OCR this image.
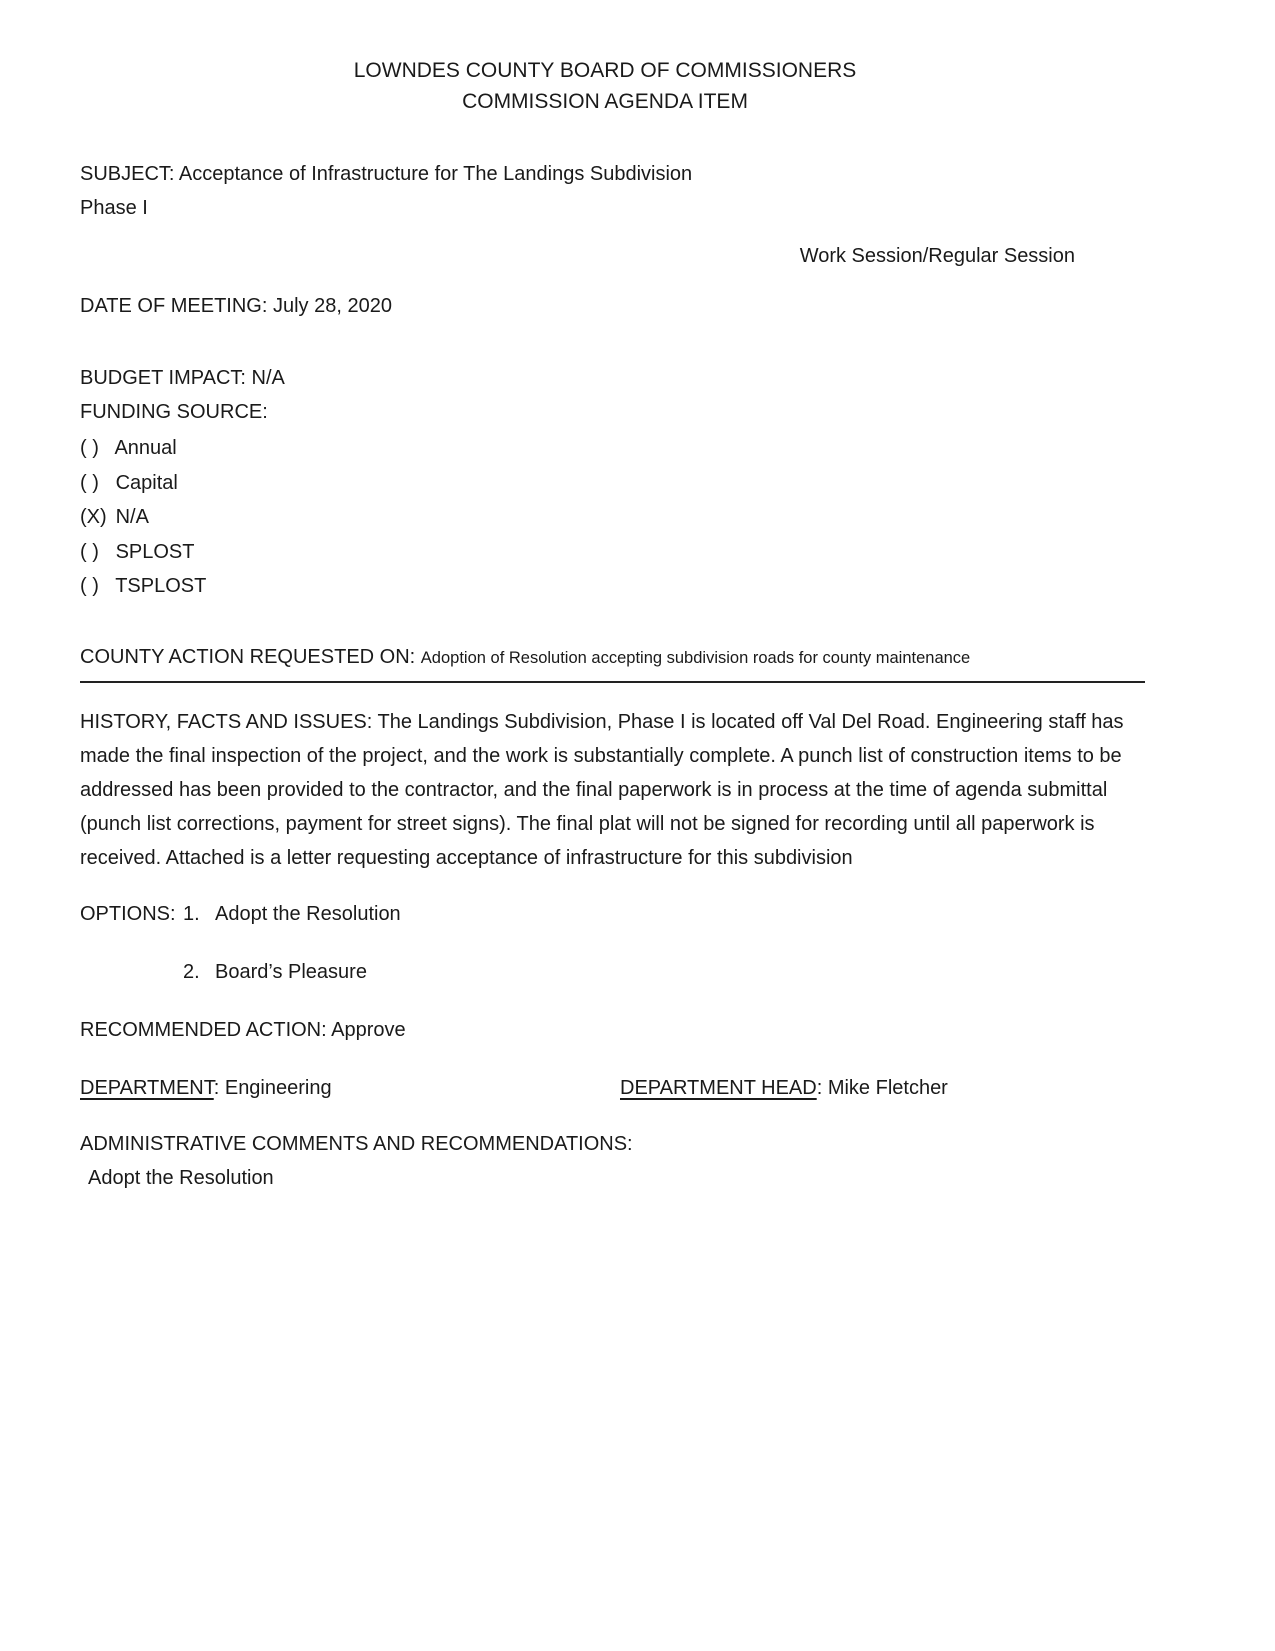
LOWNDES COUNTY BOARD OF COMMISSIONERS
COMMISSION AGENDA ITEM
SUBJECT: Acceptance of Infrastructure for The Landings Subdivision
Phase I
Work Session/Regular Session
DATE OF MEETING: July 28, 2020
BUDGET IMPACT: N/A
FUNDING SOURCE:
( ) Annual
( ) Capital
(X) N/A
( ) SPLOST
( ) TSPLOST
COUNTY ACTION REQUESTED ON: Adoption of Resolution accepting subdivision roads for county maintenance
HISTORY, FACTS AND ISSUES: The Landings Subdivision, Phase I is located off Val Del Road. Engineering staff has made the final inspection of the project, and the work is substantially complete. A punch list of construction items to be addressed has been provided to the contractor, and the final paperwork is in process at the time of agenda submittal (punch list corrections, payment for street signs). The final plat will not be signed for recording until all paperwork is received. Attached is a letter requesting acceptance of infrastructure for this subdivision
OPTIONS: 1. Adopt the Resolution
2. Board’s Pleasure
RECOMMENDED ACTION: Approve
DEPARTMENT: Engineering	DEPARTMENT HEAD: Mike Fletcher
ADMINISTRATIVE COMMENTS AND RECOMMENDATIONS:
Adopt the Resolution
